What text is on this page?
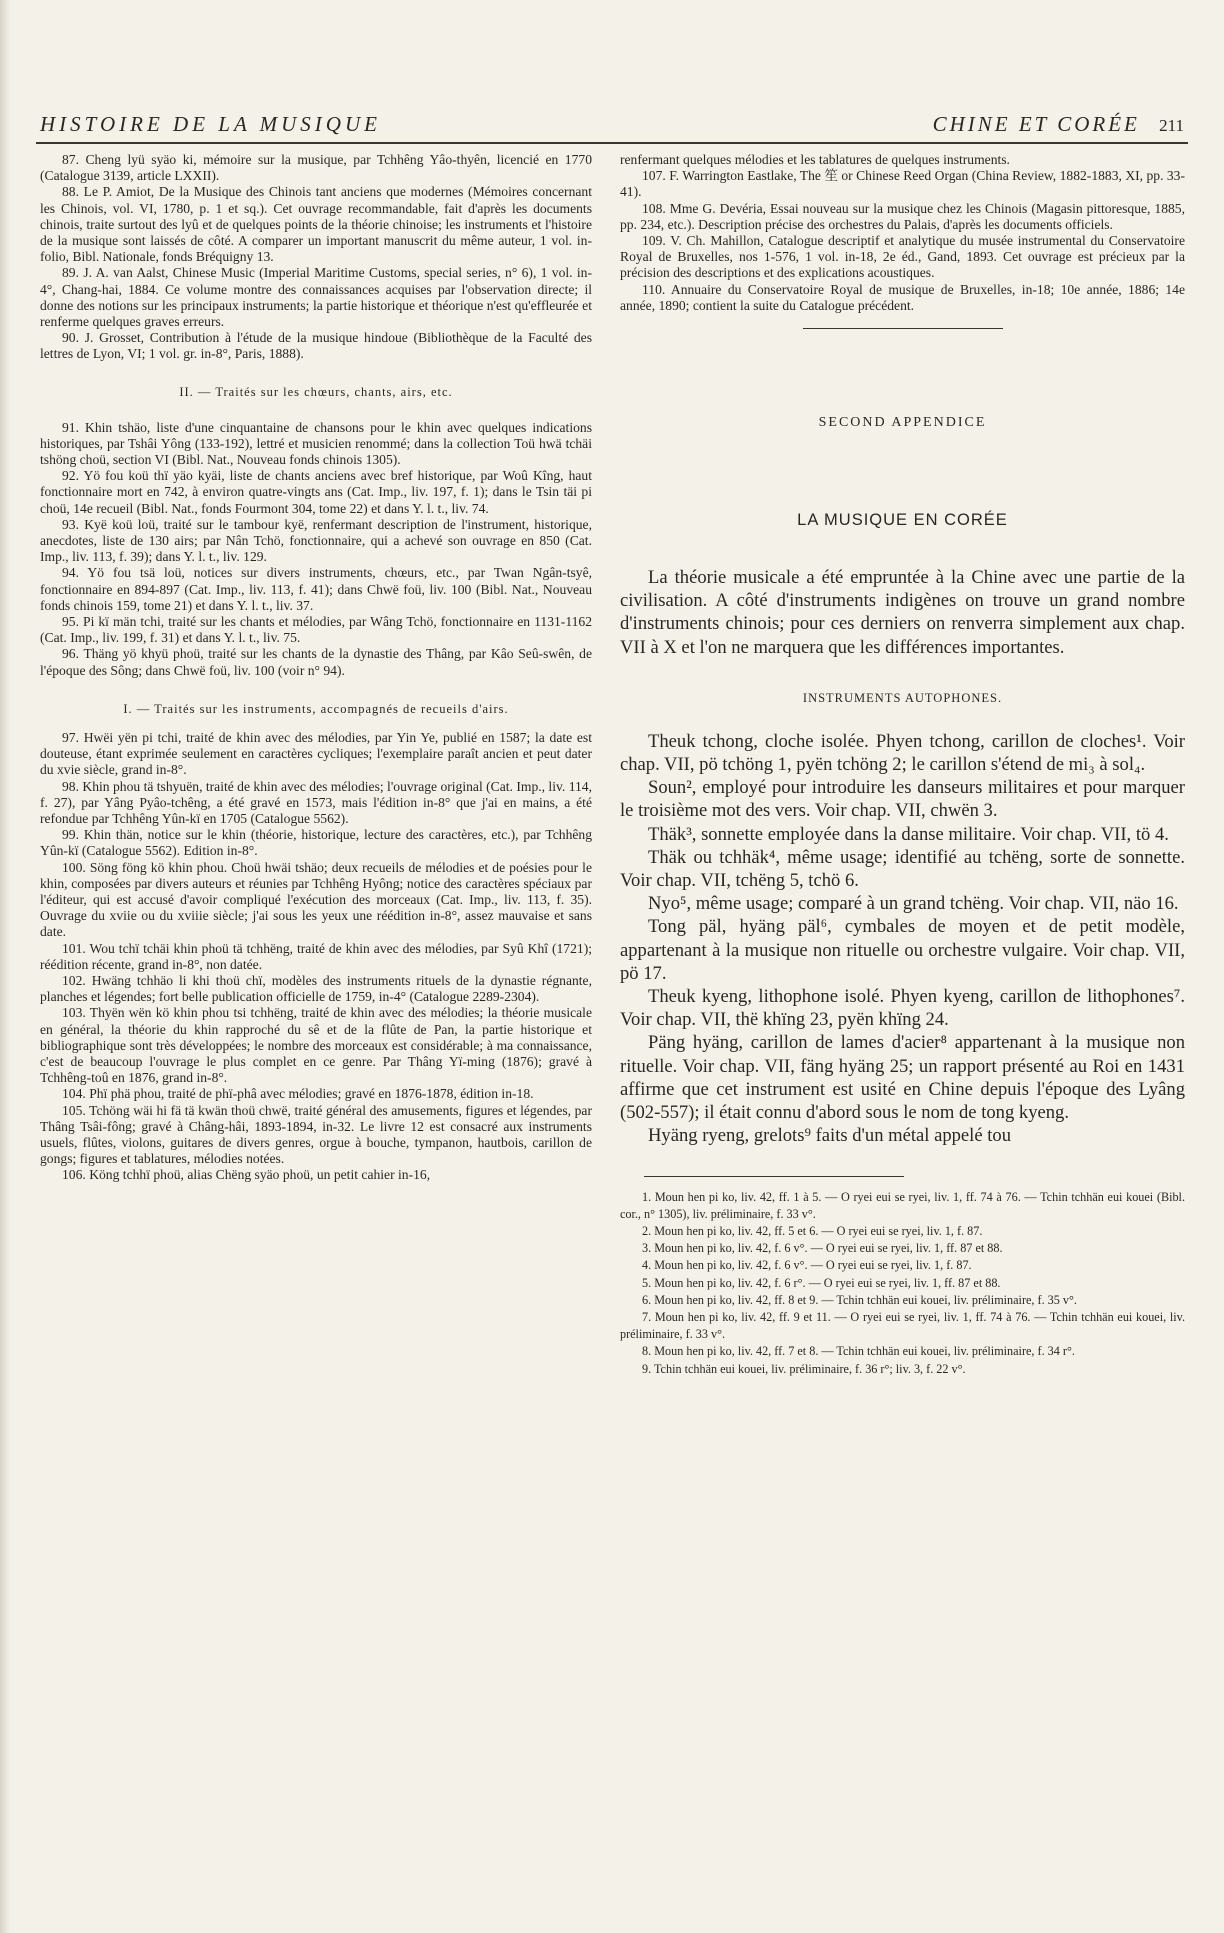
HISTOIRE DE LA MUSIQUE	CHINE ET CORÉE 211

87. Cheng lyü syäo ki, mémoire sur la musique, par Tchhêng Yâo-thyên, licencié en 1770 (Catalogue 3139, article LXXII).

88. Le P. Amiot, De la Musique des Chinois tant anciens que modernes (Mémoires concernant les Chinois, vol. VI, 1780, p. 1 et sq.). Cet ouvrage recommandable, fait d'après les documents chinois, traite surtout des lyû et de quelques points de la théorie chinoise; les instruments et l'histoire de la musique sont laissés de côté. A comparer un important manuscrit du même auteur, 1 vol. in-folio, Bibl. Nationale, fonds Bréquigny 13.

89. J. A. van Aalst, Chinese Music (Imperial Maritime Customs, special series, n° 6), 1 vol. in-4°, Chang-hai, 1884. Ce volume montre des connaissances acquises par l'observation directe; il donne des notions sur les principaux instruments; la partie historique et théorique n'est qu'effleurée et renferme quelques graves erreurs.

90. J. Grosset, Contribution à l'étude de la musique hindoue (Bibliothèque de la Faculté des lettres de Lyon, VI; 1 vol. gr. in-8°, Paris, 1888).

II. — Traités sur les chœurs, chants, airs, etc.

91. Khin tshäo, liste d'une cinquantaine de chansons pour le khin avec quelques indications historiques, par Tshâi Yông (133-192), lettré et musicien renommé; dans la collection Toü hwä tchäi tshöng choü, section VI (Bibl. Nat., Nouveau fonds chinois 1305).

92. Yö fou koü thï yäo kyäi, liste de chants anciens avec bref historique, par Woû Kîng, haut fonctionnaire mort en 742, à environ quatre-vingts ans (Cat. Imp., liv. 197, f. 1); dans le Tsin täi pi choü, 14e recueil (Bibl. Nat., fonds Fourmont 304, tome 22) et dans Y. l. t., liv. 74.

93. Kyë koü loü, traité sur le tambour kyë, renfermant description de l'instrument, historique, anecdotes, liste de 130 airs; par Nân Tchö, fonctionnaire, qui a achevé son ouvrage en 850 (Cat. Imp., liv. 113, f. 39); dans Y. l. t., liv. 129.

94. Yö fou tsä loü, notices sur divers instruments, chœurs, etc., par Twan Ngân-tsyê, fonctionnaire en 894-897 (Cat. Imp., liv. 113, f. 41); dans Chwë foü, liv. 100 (Bibl. Nat., Nouveau fonds chinois 159, tome 21) et dans Y. l. t., liv. 37.

95. Pi kï män tchi, traité sur les chants et mélodies, par Wâng Tchö, fonctionnaire en 1131-1162 (Cat. Imp., liv. 199, f. 31) et dans Y. l. t., liv. 75.

96. Thäng yö khyü phoü, traité sur les chants de la dynastie des Thâng, par Kâo Seû-swên, de l'époque des Sông; dans Chwë foü, liv. 100 (voir n° 94).

I. — Traités sur les instruments, accompagnés de recueils d'airs.

97. Hwëi yën pi tchi, traité de khin avec des mélodies, par Yin Ye, publié en 1587; la date est douteuse, étant exprimée seulement en caractères cycliques; l'exemplaire paraît ancien et peut dater du xvie siècle, grand in-8°.

98. Khin phou tä tshyuën, traité de khin avec des mélodies; l'ouvrage original (Cat. Imp., liv. 114, f. 27), par Yâng Pyâo-tchêng, a été gravé en 1573, mais l'édition in-8° que j'ai en mains, a été refondue par Tchhêng Yûn-kï en 1705 (Catalogue 5562).

99. Khin thän, notice sur le khin (théorie, historique, lecture des caractères, etc.), par Tchhêng Yûn-kï (Catalogue 5562). Edition in-8°.

100. Söng föng kö khin phou. Choü hwäi tshäo; deux recueils de mélodies et de poésies pour le khin, composées par divers auteurs et réunies par Tchhêng Hyông; notice des caractères spéciaux par l'éditeur, qui est accusé d'avoir compliqué l'exécution des morceaux (Cat. Imp., liv. 113, f. 35). Ouvrage du xviie ou du xviiie siècle; j'ai sous les yeux une réédition in-8°, assez mauvaise et sans date.

101. Wou tchï tchäi khin phoü tä tchhëng, traité de khin avec des mélodies, par Syû Khî (1721); réédition récente, grand in-8°, non datée.

102. Hwäng tchhäo li khi thoü chï, modèles des instruments rituels de la dynastie régnante, planches et légendes; fort belle publication officielle de 1759, in-4° (Catalogue 2289-2304).

103. Thyën wën kö khin phou tsi tchhëng, traité de khin avec des mélodies; la théorie musicale en général, la théorie du khin rapproché du sê et de la flûte de Pan, la partie historique et bibliographique sont très développées; le nombre des morceaux est considérable; à ma connaissance, c'est de beaucoup l'ouvrage le plus complet en ce genre. Par Thâng Yï-ming (1876); gravé à Tchhêng-toû en 1876, grand in-8°.

104. Phï phä phou, traité de phï-phâ avec mélodies; gravé en 1876-1878, édition in-18.

105. Tchöng wäi hi fä tä kwän thoü chwë, traité général des amusements, figures et légendes, par Thâng Tsâi-fông; gravé à Châng-hâi, 1893-1894, in-32. Le livre 12 est consacré aux instruments usuels, flûtes, violons, guitares de divers genres, orgue à bouche, tympanon, hautbois, carillon de gongs; figures et tablatures, mélodies notées.

106. Köng tchhï phoü, alias Chëng syäo phoü, un petit cahier in-16,

renfermant quelques mélodies et les tablatures de quelques instruments.

107. F. Warrington Eastlake, The 笙 or Chinese Reed Organ (China Review, 1882-1883, XI, pp. 33-41).

108. Mme G. Devéria, Essai nouveau sur la musique chez les Chinois (Magasin pittoresque, 1885, pp. 234, etc.). Description précise des orchestres du Palais, d'après les documents officiels.

109. V. Ch. Mahillon, Catalogue descriptif et analytique du musée instrumental du Conservatoire Royal de Bruxelles, nos 1-576, 1 vol. in-18, 2e éd., Gand, 1893. Cet ouvrage est précieux par la précision des descriptions et des explications acoustiques.

110. Annuaire du Conservatoire Royal de musique de Bruxelles, in-18; 10e année, 1886; 14e année, 1890; contient la suite du Catalogue précédent.

SECOND APPENDICE
LA MUSIQUE EN CORÉE

La théorie musicale a été empruntée à la Chine avec une partie de la civilisation. A côté d'instruments indigènes on trouve un grand nombre d'instruments chinois; pour ces derniers on renverra simplement aux chap. VII à X et l'on ne marquera que les différences importantes.

INSTRUMENTS AUTOPHONES.

Theuk tchong, cloche isolée. Phyen tchong, carillon de cloches¹. Voir chap. VII, pö tchöng 1, pyën tchöng 2; le carillon s'étend de mi₃ à sol₄.

Soun², employé pour introduire les danseurs militaires et pour marquer le troisième mot des vers. Voir chap. VII, chwën 3.

Thäk³, sonnette employée dans la danse militaire. Voir chap. VII, tö 4.

Thäk ou tchhäk⁴, même usage; identifié au tchëng, sorte de sonnette. Voir chap. VII, tchëng 5, tchö 6.

Nyo⁵, même usage; comparé à un grand tchëng. Voir chap. VII, näo 16.

Tong päl, hyäng päl⁶, cymbales de moyen et de petit modèle, appartenant à la musique non rituelle ou orchestre vulgaire. Voir chap. VII, pö 17.

Theuk kyeng, lithophone isolé. Phyen kyeng, carillon de lithophones⁷. Voir chap. VII, thë khïng 23, pyën khïng 24.

Päng hyäng, carillon de lames d'acier⁸ appartenant à la musique non rituelle. Voir chap. VII, fäng hyäng 25; un rapport présenté au Roi en 1431 affirme que cet instrument est usité en Chine depuis l'époque des Lyâng (502-557); il était connu d'abord sous le nom de tong kyeng.

Hyäng ryeng, grelots⁹ faits d'un métal appelé tou

1. Moun hen pi ko, liv. 42, ff. 1 à 5. — O ryei eui se ryei, liv. 1, ff. 74 à 76. — Tchin tchhän eui kouei (Bibl. cor., n° 1305), liv. préliminaire, f. 33 v°.

2. Moun hen pi ko, liv. 42, ff. 5 et 6. — O ryei eui se ryei, liv. 1, f. 87.

3. Moun hen pi ko, liv. 42, f. 6 v°. — O ryei eui se ryei, liv. 1, ff. 87 et 88.

4. Moun hen pi ko, liv. 42, f. 6 v°. — O ryei eui se ryei, liv. 1, f. 87.

5. Moun hen pi ko, liv. 42, f. 6 r°. — O ryei eui se ryei, liv. 1, ff. 87 et 88.

6. Moun hen pi ko, liv. 42, ff. 8 et 9. — Tchin tchhän eui kouei, liv. préliminaire, f. 35 v°.

7. Moun hen pi ko, liv. 42, ff. 9 et 11. — O ryei eui se ryei, liv. 1, ff. 74 à 76. — Tchin tchhän eui kouei, liv. préliminaire, f. 33 v°.

8. Moun hen pi ko, liv. 42, ff. 7 et 8. — Tchin tchhän eui kouei, liv. préliminaire, f. 34 r°.

9. Tchin tchhän eui kouei, liv. préliminaire, f. 36 r°; liv. 3, f. 22 v°.
